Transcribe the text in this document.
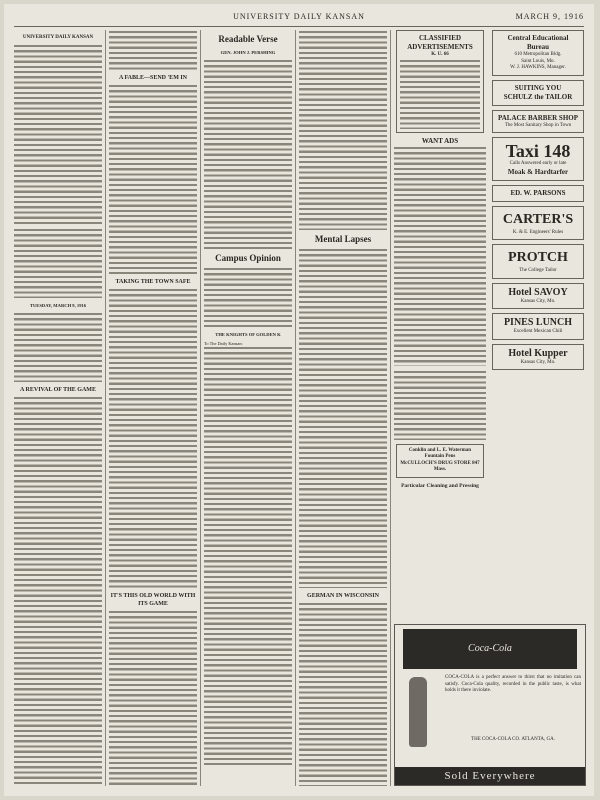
UNIVERSITY DAILY KANSAN	MARCH 9, 1916
UNIVERSITY DAILY KANSAN
TUESDAY, MARCH 9, 1916
A REVIVAL OF THE GAME
A FABLE—SEND 'EM IN
TAKING THE TOWN SAFE
IT'S THIS OLD WORLD WITH ITS GAME
Readable Verse
GEN. JOHN J. PERSHING
Campus Opinion
THE KNIGHTS OF GOLDEN K
To The Daily Kansan:
Mental Lapses
GERMAN IN WISCONSIN
CLASSIFIED ADVERTISEMENTS
K. U. 66
WANT ADS
Conklin and L. E. Waterman Fountain Pens
McCULLOCH'S DRUG STORE 847 Mass.
Particular Cleaning and Pressing
Central Educational Bureau
610 Metropolitan Bldg.
Saint Louis, Mo.
W. J. HAWKINS, Manager.
SUITING YOU
SCHULZ the TAILOR
PALACE BARBER SHOP
The Most Sanitary Shop in Town
Taxi 148
Calls Answered early or late
Moak & Hardtarfer
ED. W. PARSONS
CARTER'S
K. & E. Engineers' Rules
PROTCH
The College Tailor
Hotel SAVOY
Kansas City, Mo.
PINES LUNCH
Excellent Mexican Chili
Hotel Kupper
Kansas City, Mo.
Coca-Cola
COCA-COLA is a perfect answer to thirst that no imitation can satisfy. Coca-Cola quality, recorded in the public taste, is what holds it there inviolate.
THE COCA-COLA CO. ATLANTA, GA.
Sold Everywhere
